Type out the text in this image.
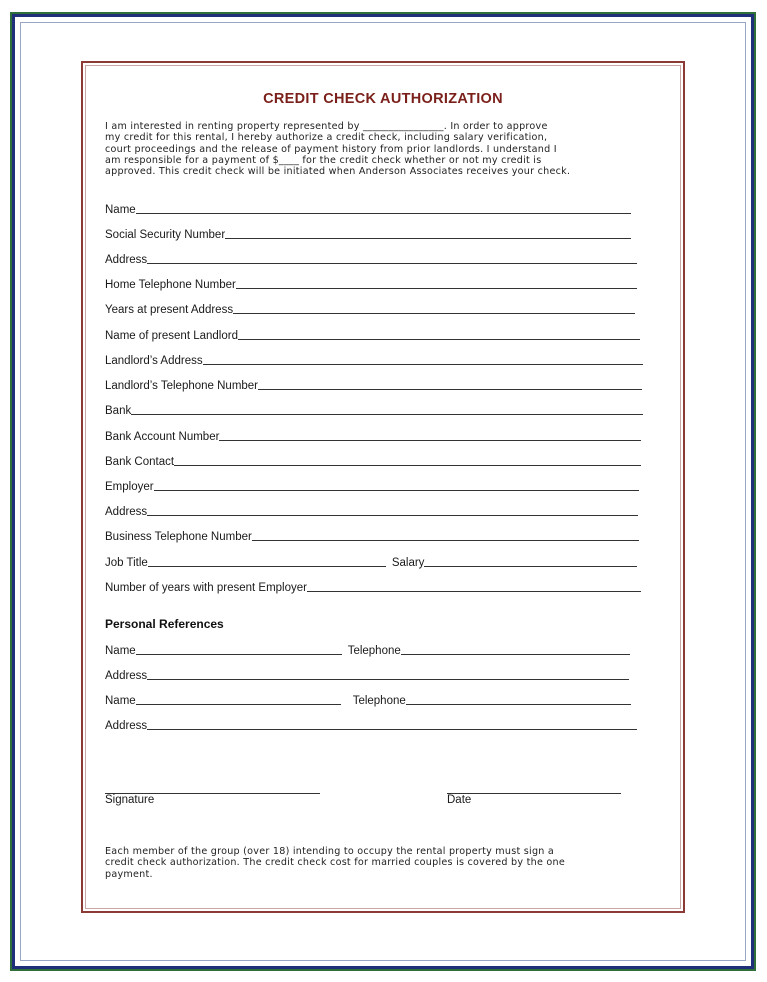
CREDIT CHECK AUTHORIZATION
I am interested in renting property represented by ________________. In order to approve
my credit for this rental, I hereby authorize a credit check, including salary verification,
court proceedings and the release of payment history from prior landlords. I understand I
am responsible for a payment of $____ for the credit check whether or not my credit is
approved. This credit check will be initiated when Anderson Associates receives your check.
Name
Social Security Number
Address
Home Telephone Number
Years at present Address
Name of present Landlord
Landlord’s Address
Landlord’s Telephone Number
Bank
Bank Account Number
Bank Contact
Employer
Address
Business Telephone Number
Job Title	Salary
Number of years with present Employer
Personal References
Name	Telephone
Address
Name	Telephone
Address
Signature	Date
Each member of the group (over 18) intending to occupy the rental property must sign a
credit check authorization. The credit check cost for married couples is covered by the one
payment.
